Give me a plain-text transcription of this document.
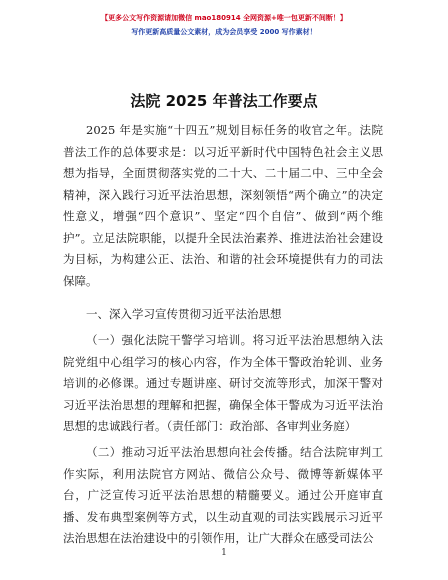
【更多公文写作资源请加微信 mao180914 全网资源+唯一包更新不间断！】
写作更新高质量公文素材，成为会员享受 2000 写作素材！
法院 2025 年普法工作要点

2025 年是实施“十四五”规划目标任务的收官之年。法院普法工作的总体要求是：以习近平新时代中国特色社会主义思想为指导，全面贯彻落实党的二十大、二十届二中、三中全会精神，深入践行习近平法治思想，深刻领悟“两个确立”的决定性意义，增强“四个意识”、坚定“四个自信”、做到“两个维护”。立足法院职能，以提升全民法治素养、推进法治社会建设为目标，为构建公正、法治、和谐的社会环境提供有力的司法保障。

一、深入学习宣传贯彻习近平法治思想

（一）强化法院干警学习培训。将习近平法治思想纳入法院党组中心组学习的核心内容，作为全体干警政治轮训、业务培训的必修课。通过专题讲座、研讨交流等形式，加深干警对习近平法治思想的理解和把握，确保全体干警成为习近平法治思想的忠诚践行者。（责任部门：政治部、各审判业务庭）

（二）推动习近平法治思想向社会传播。结合法院审判工作实际，利用法院官方网站、微信公众号、微博等新媒体平台，广泛宣传习近平法治思想的精髓要义。通过公开庭审直播、发布典型案例等方式，以生动直观的司法实践展示习近平法治思想在法治建设中的引领作用，让广大群众在感受司法公

1
